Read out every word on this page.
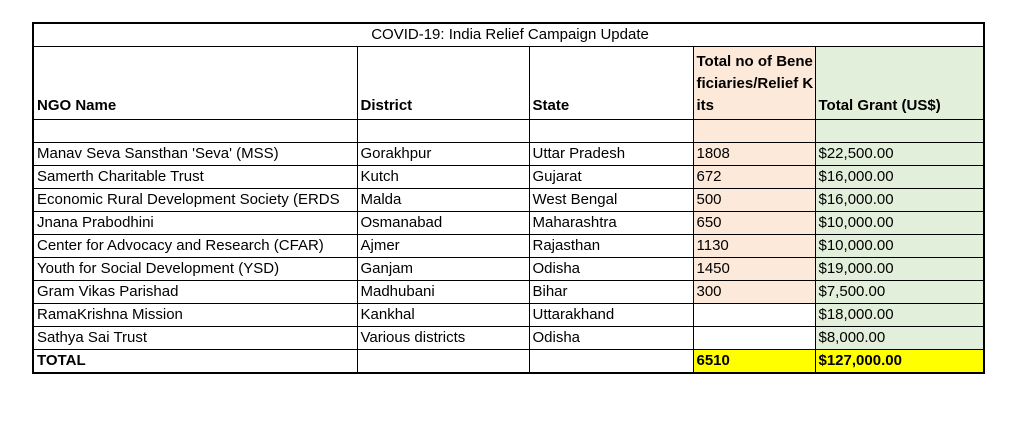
COVID-19: India Relief Campaign Update				
NGO Name	District	State	Total no of Beneficiaries/Relief Kits	Total Grant (US$)

Manav Seva Sansthan 'Seva' (MSS)	Gorakhpur	Uttar Pradesh	1808	$22,500.00
Samerth Charitable Trust	Kutch	Gujarat	672	$16,000.00
Economic Rural Development Society (ERDS	Malda	West Bengal	500	$16,000.00
Jnana Prabodhini	Osmanabad	Maharashtra	650	$10,000.00
Center for Advocacy and Research (CFAR)	Ajmer	Rajasthan	1130	$10,000.00
Youth for Social Development (YSD)	Ganjam	Odisha	1450	$19,000.00
Gram Vikas Parishad	Madhubani	Bihar	300	$7,500.00
RamaKrishna Mission	Kankhal	Uttarakhand		$18,000.00
Sathya Sai Trust	Various districts	Odisha		$8,000.00
TOTAL			6510	$127,000.00
